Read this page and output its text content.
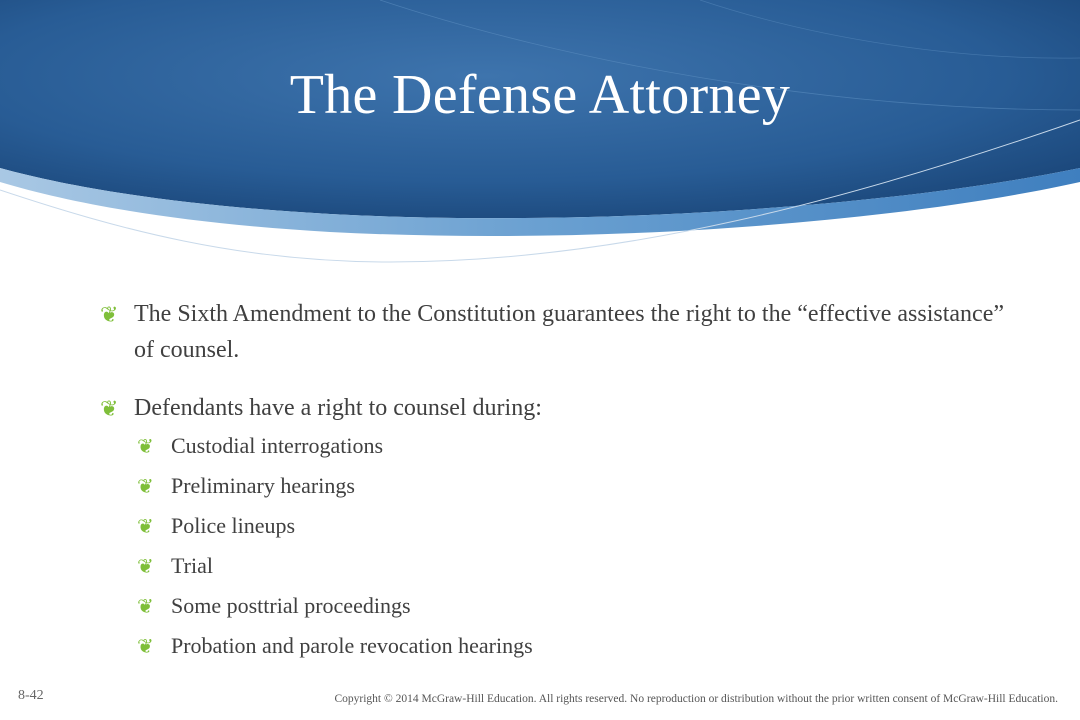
The Defense Attorney
❦ The Sixth Amendment to the Constitution guarantees the right to the “effective assistance” of counsel.
❦ Defendants have a right to counsel during:
❦ Custodial interrogations
❦ Preliminary hearings
❦ Police lineups
❦ Trial
❦ Some posttrial proceedings
❦ Probation and parole revocation hearings
8-42	Copyright © 2014 McGraw-Hill Education. All rights reserved. No reproduction or distribution without the prior written consent of McGraw-Hill Education.
